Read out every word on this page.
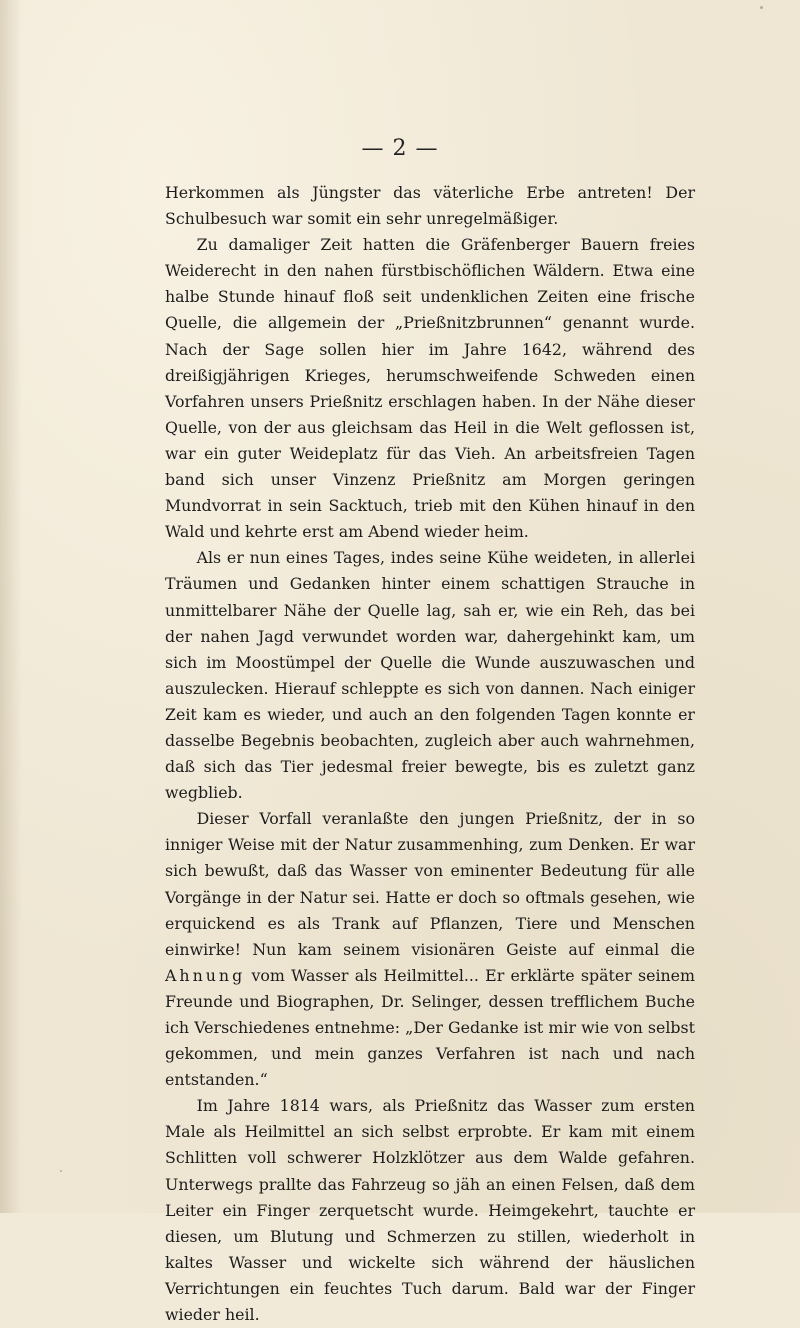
— 2 —

Herkommen als Jüngster das väterliche Erbe antreten! Der Schulbesuch war somit ein sehr unregelmäßiger.

Zu damaliger Zeit hatten die Gräfenberger Bauern freies Weiderecht in den nahen fürstbischöflichen Wäldern. Etwa eine halbe Stunde hinauf floß seit undenklichen Zeiten eine frische Quelle, die allgemein der „Prießnitzbrunnen“ genannt wurde. Nach der Sage sollen hier im Jahre 1642, während des dreißigjährigen Krieges, herumschweifende Schweden einen Vorfahren unsers Prießnitz erschlagen haben. In der Nähe dieser Quelle, von der aus gleichsam das Heil in die Welt geflossen ist, war ein guter Weideplatz für das Vieh. An arbeitsfreien Tagen band sich unser Vinzenz Prießnitz am Morgen geringen Mundvorrat in sein Sacktuch, trieb mit den Kühen hinauf in den Wald und kehrte erst am Abend wieder heim.

Als er nun eines Tages, indes seine Kühe weideten, in allerlei Träumen und Gedanken hinter einem schattigen Strauche in unmittelbarer Nähe der Quelle lag, sah er, wie ein Reh, das bei der nahen Jagd verwundet worden war, dahergehinkt kam, um sich im Moostümpel der Quelle die Wunde auszuwaschen und auszulecken. Hierauf schleppte es sich von dannen. Nach einiger Zeit kam es wieder, und auch an den folgenden Tagen konnte er dasselbe Begebnis beobachten, zugleich aber auch wahrnehmen, daß sich das Tier jedesmal freier bewegte, bis es zuletzt ganz wegblieb.

Dieser Vorfall veranlaßte den jungen Prießnitz, der in so inniger Weise mit der Natur zusammenhing, zum Denken. Er war sich bewußt, daß das Wasser von eminenter Bedeutung für alle Vorgänge in der Natur sei. Hatte er doch so oftmals gesehen, wie erquickend es als Trank auf Pflanzen, Tiere und Menschen einwirke! Nun kam seinem visionären Geiste auf einmal die Ahnung vom Wasser als Heilmittel... Er erklärte später seinem Freunde und Biographen, Dr. Selinger, dessen trefflichem Buche ich Verschiedenes entnehme: „Der Gedanke ist mir wie von selbst gekommen, und mein ganzes Verfahren ist nach und nach entstanden.“

Im Jahre 1814 wars, als Prießnitz das Wasser zum ersten Male als Heilmittel an sich selbst erprobte. Er kam mit einem Schlitten voll schwerer Holzklötzer aus dem Walde gefahren. Unterwegs prallte das Fahrzeug so jäh an einen Felsen, daß dem Leiter ein Finger zerquetscht wurde. Heimgekehrt, tauchte er diesen, um Blutung und Schmerzen zu stillen, wiederholt in kaltes Wasser und wickelte sich während der häuslichen Verrichtungen ein feuchtes Tuch darum. Bald war der Finger wieder heil.
